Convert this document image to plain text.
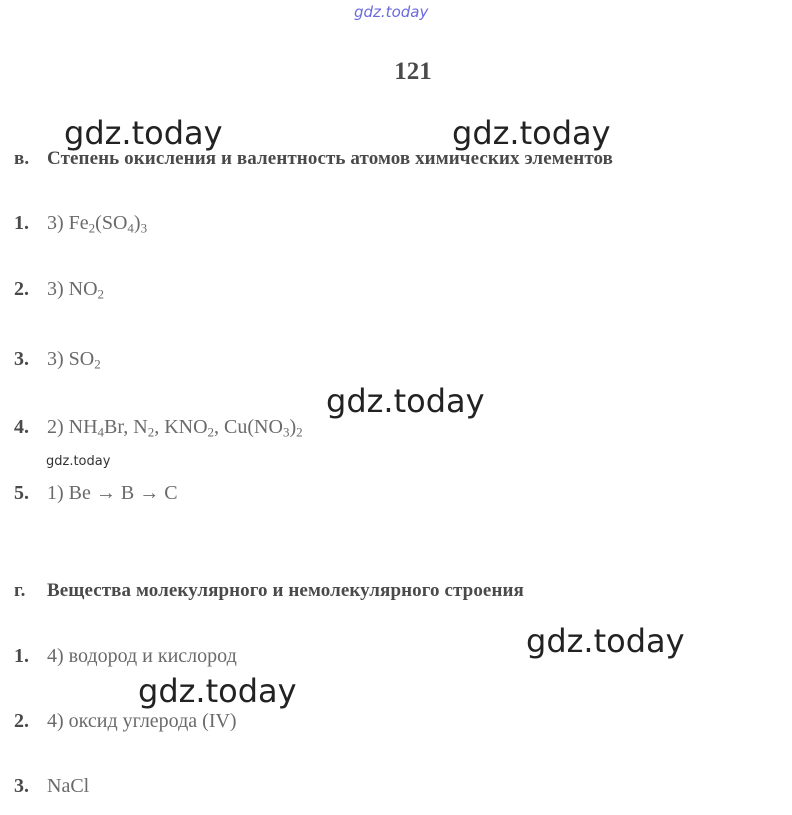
gdz.today
121
в. Степень окисления и валентность атомов химических элементов
1. 3) $Fe_2(SO_4)_3$
2. 3) $NO_2$
3. 3) $SO_2$
4. 2) $NH_4Br$, $N_2$, $KNO_2$, $Cu(NO_3)_2$
5. 1) Be → B → C
г. Вещества молекулярного и немолекулярного строения
1. 4) водород и кислород
2. 4) оксид углерода (IV)
3. NaCl
gdz.today	gdz.today
gdz.today
gdz.today
gdz.today
gdz.today
